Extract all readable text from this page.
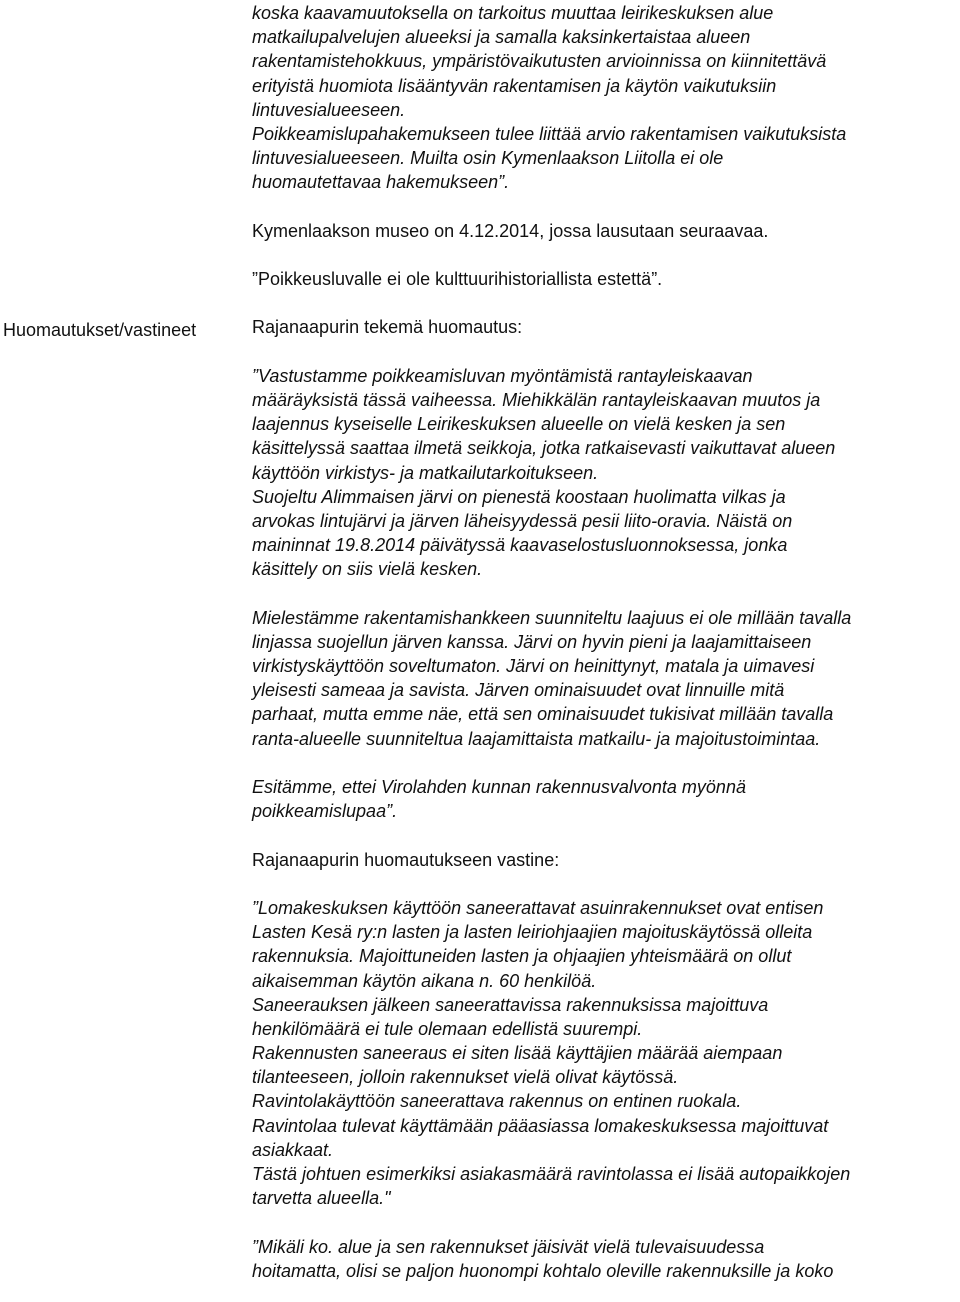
Huomautukset/vastineet
koska kaavamuutoksella on tarkoitus muuttaa leirikeskuksen alue
matkailupalvelujen alueeksi ja samalla kaksinkertaistaa alueen
rakentamistehokkuus, ympäristövaikutusten arvioinnissa on kiinnitettävä
erityistä huomiota lisääntyvän rakentamisen ja käytön vaikutuksiin
lintuvesialueeseen.
Poikkeamislupahakemukseen tulee liittää arvio rakentamisen vaikutuksista
lintuvesialueeseen. Muilta osin Kymenlaakson Liitolla ei ole
huomautettavaa hakemukseen”.
Kymenlaakson museo on 4.12.2014, jossa lausutaan seuraavaa.
”Poikkeusluvalle ei ole kulttuurihistoriallista estettä”.
Rajanaapurin tekemä huomautus:
”Vastustamme poikkeamisluvan myöntämistä rantayleiskaavan
määräyksistä tässä vaiheessa. Miehikkälän rantayleiskaavan muutos ja
laajennus kyseiselle Leirikeskuksen alueelle on vielä kesken ja sen
käsittelyssä saattaa ilmetä seikkoja, jotka ratkaisevasti vaikuttavat alueen
käyttöön virkistys- ja matkailutarkoitukseen.
Suojeltu Alimmaisen järvi on pienestä koostaan huolimatta vilkas ja
arvokas lintujärvi ja järven läheisyydessä pesii liito-oravia. Näistä on
maininnat 19.8.2014 päivätyssä kaavaselostusluonnoksessa, jonka
käsittely on siis vielä kesken.
Mielestämme rakentamishankkeen suunniteltu laajuus ei ole millään tavalla
linjassa suojellun järven kanssa. Järvi on hyvin pieni ja laajamittaiseen
virkistyskäyttöön soveltumaton. Järvi on heinittynyt, matala ja uimavesi
yleisesti sameaa ja savista. Järven ominaisuudet ovat linnuille mitä
parhaat, mutta emme näe, että sen ominaisuudet tukisivat millään tavalla
ranta-alueelle suunniteltua laajamittaista matkailu- ja majoitustoimintaa.
Esitämme, ettei Virolahden kunnan rakennusvalvonta myönnä
poikkeamislupaa”.
Rajanaapurin huomautukseen vastine:
”Lomakeskuksen käyttöön saneerattavat asuinrakennukset ovat entisen
Lasten Kesä ry:n lasten ja lasten leiriohjaajien majoituskäytössä olleita
rakennuksia. Majoittuneiden lasten ja ohjaajien yhteismäärä on ollut
aikaisemman käytön aikana n. 60 henkilöä.
Saneerauksen jälkeen saneerattavissa rakennuksissa majoittuva
henkilömäärä ei tule olemaan edellistä suurempi.
Rakennusten saneeraus ei siten lisää käyttäjien määrää aiempaan
tilanteeseen, jolloin rakennukset vielä olivat käytössä.
Ravintolakäyttöön saneerattava rakennus on entinen ruokala.
Ravintolaa tulevat käyttämään pääasiassa lomakeskuksessa majoittuvat
asiakkaat.
Tästä johtuen esimerkiksi asiakasmäärä ravintolassa ei lisää autopaikkojen
tarvetta alueella."
”Mikäli ko. alue ja sen rakennukset jäisivät vielä tulevaisuudessa
hoitamatta, olisi se paljon huonompi kohtalo oleville rakennuksille ja koko
